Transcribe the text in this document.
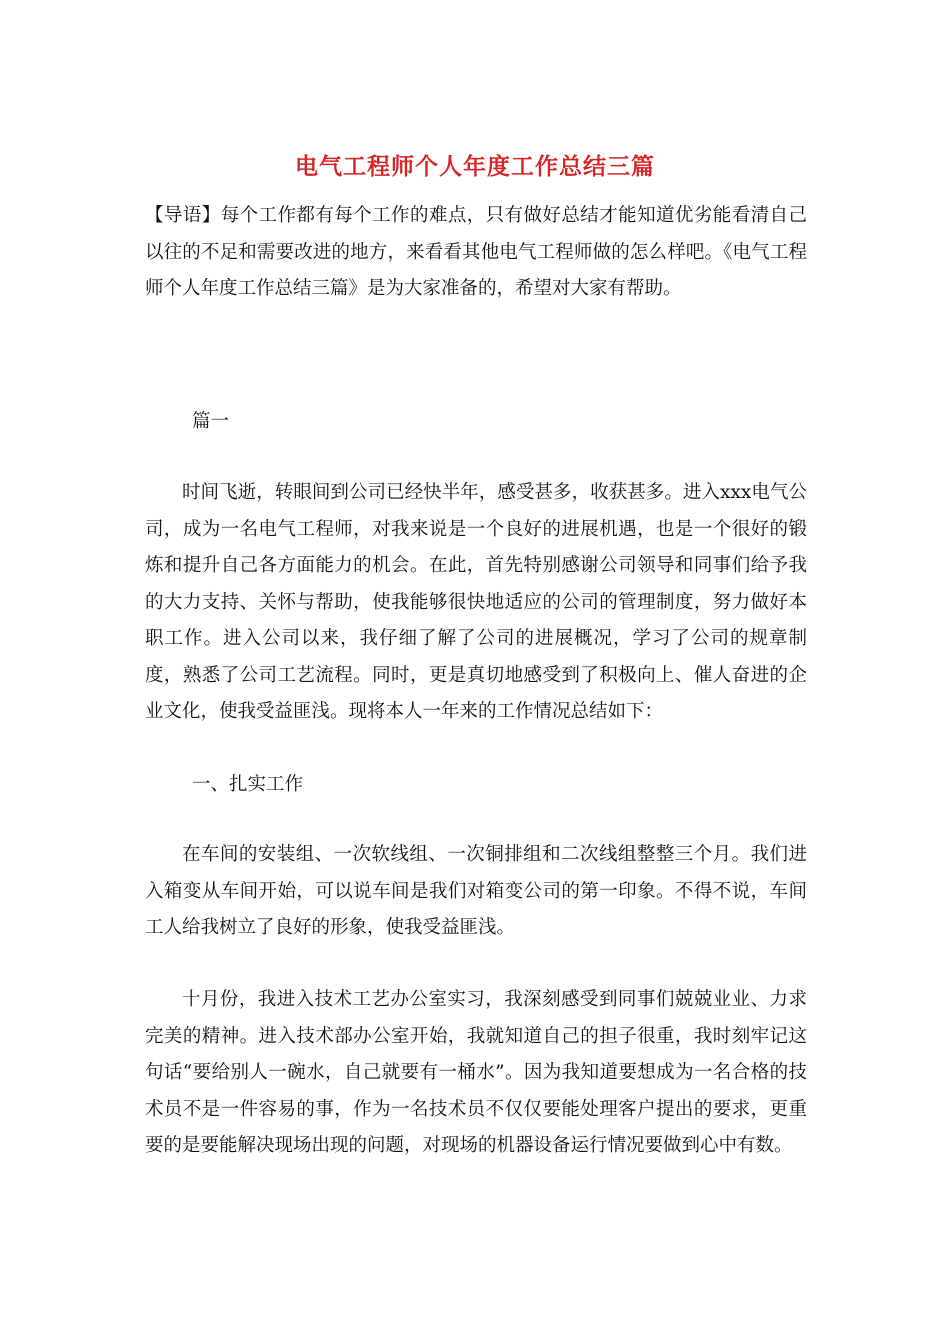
电气工程师个人年度工作总结三篇
【导语】每个工作都有每个工作的难点，只有做好总结才能知道优劣能看清自己以往的不足和需要改进的地方，来看看其他电气工程师做的怎么样吧。《电气工程师个人年度工作总结三篇》是为大家准备的，希望对大家有帮助。

篇一

时间飞逝，转眼间到公司已经快半年，感受甚多，收获甚多。进入xxx电气公司，成为一名电气工程师，对我来说是一个良好的进展机遇，也是一个很好的锻炼和提升自己各方面能力的机会。在此，首先特别感谢公司领导和同事们给予我的大力支持、关怀与帮助，使我能够很快地适应的公司的管理制度，努力做好本职工作。进入公司以来，我仔细了解了公司的进展概况，学习了公司的规章制度，熟悉了公司工艺流程。同时，更是真切地感受到了积极向上、催人奋进的企业文化，使我受益匪浅。现将本人一年来的工作情况总结如下：

一、扎实工作

在车间的安装组、一次软线组、一次铜排组和二次线组整整三个月。我们进入箱变从车间开始，可以说车间是我们对箱变公司的第一印象。不得不说，车间工人给我树立了良好的形象，使我受益匪浅。

十月份，我进入技术工艺办公室实习，我深刻感受到同事们兢兢业业、力求完美的精神。进入技术部办公室开始，我就知道自己的担子很重，我时刻牢记这句话“要给别人一碗水，自己就要有一桶水”。因为我知道要想成为一名合格的技术员不是一件容易的事，作为一名技术员不仅仅要能处理客户提出的要求，更重要的是要能解决现场出现的问题，对现场的机器设备运行情况要做到心中有数。
